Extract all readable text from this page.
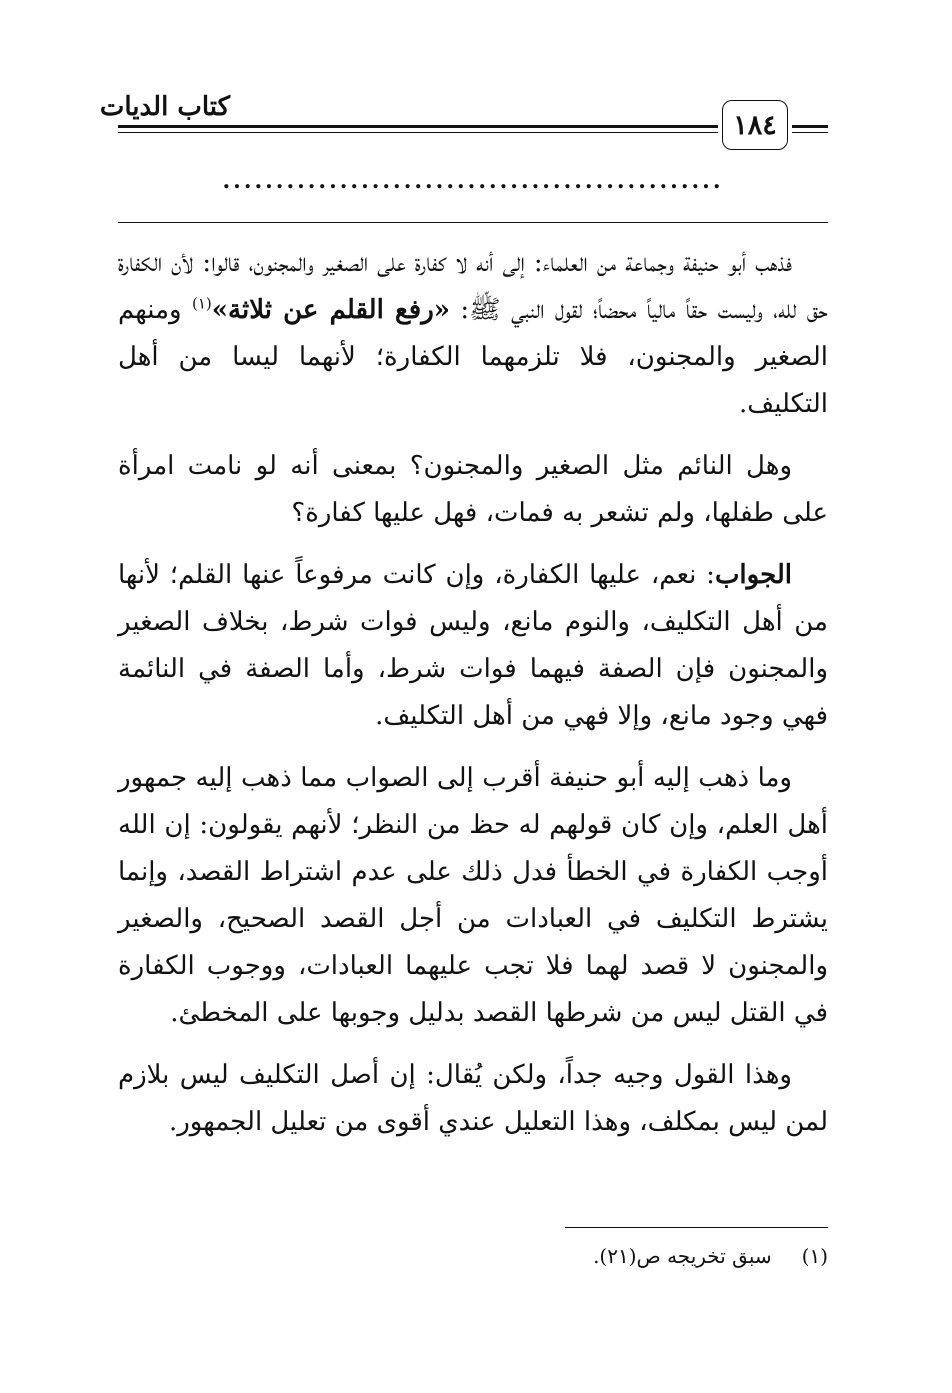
كتاب الديات
١٨٤
...............................................

فذهب أبو حنيفة وجماعة من العلماء: إلى أنه لا كفارة على الصغير والمجنون، قالوا: لأن الكفارة حق لله، وليست حقاً مالياً محضاً؛ لقول النبي ﷺ: «رفع القلم عن ثلاثة»$^{(١)}$ ومنهم الصغير والمجنون، فلا تلزمهما الكفارة؛ لأنهما ليسا من أهل التكليف.

وهل النائم مثل الصغير والمجنون؟ بمعنى أنه لو نامت امرأة على طفلها، ولم تشعر به فمات، فهل عليها كفارة؟

الجواب: نعم، عليها الكفارة، وإن كانت مرفوعاً عنها القلم؛ لأنها من أهل التكليف، والنوم مانع، وليس فوات شرط، بخلاف الصغير والمجنون فإن الصفة فيهما فوات شرط، وأما الصفة في النائمة فهي وجود مانع، وإلا فهي من أهل التكليف.

وما ذهب إليه أبو حنيفة أقرب إلى الصواب مما ذهب إليه جمهور أهل العلم، وإن كان قولهم له حظ من النظر؛ لأنهم يقولون: إن الله أوجب الكفارة في الخطأ فدل ذلك على عدم اشتراط القصد، وإنما يشترط التكليف في العبادات من أجل القصد الصحيح، والصغير والمجنون لا قصد لهما فلا تجب عليهما العبادات، ووجوب الكفارة في القتل ليس من شرطها القصد بدليل وجوبها على المخطئ.

وهذا القول وجيه جداً، ولكن يُقال: إن أصل التكليف ليس بلازم لمن ليس بمكلف، وهذا التعليل عندي أقوى من تعليل الجمهور.

(١)سبق تخريجه ص(٢١).
